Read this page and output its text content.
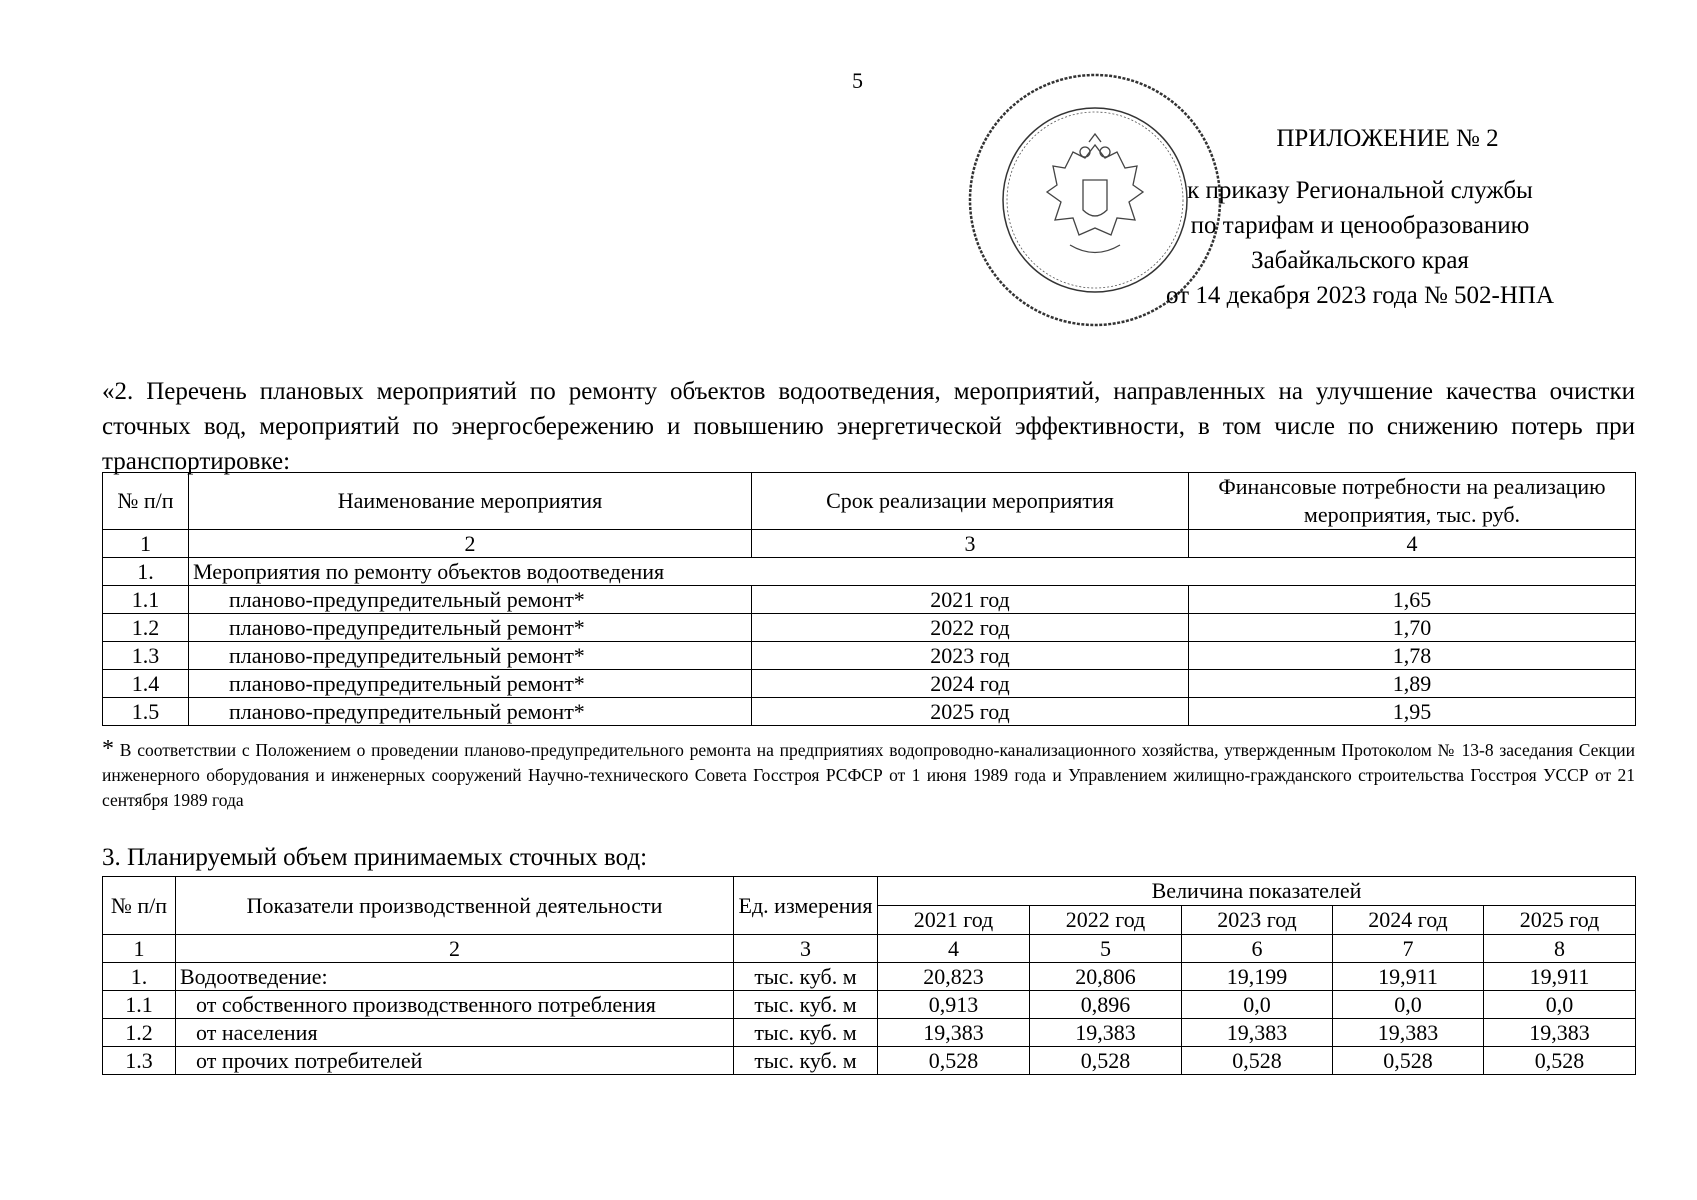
5
ПРИЛОЖЕНИЕ № 2
к приказу Региональной службы
по тарифам и ценообразованию
Забайкальского края
от 14 декабря 2023 года № 502-НПА
«2. Перечень плановых мероприятий по ремонту объектов водоотведения, мероприятий, направленных на улучшение качества очистки сточных вод, мероприятий по энергосбережению и повышению энергетической эффективности, в том числе по снижению потерь при транспортировке:
№ п/п	Наименование мероприятия	Срок реализации мероприятия	Финансовые потребности на реализацию мероприятия, тыс. руб.
1	2	3	4
1.	Мероприятия по ремонту объектов водоотведения		
1.1	планово-предупредительный ремонт*	2021 год	1,65
1.2	планово-предупредительный ремонт*	2022 год	1,70
1.3	планово-предупредительный ремонт*	2023 год	1,78
1.4	планово-предупредительный ремонт*	2024 год	1,89
1.5	планово-предупредительный ремонт*	2025 год	1,95
* В соответствии с Положением о проведении планово-предупредительного ремонта на предприятиях водопроводно-канализационного хозяйства, утвержденным Протоколом № 13-8 заседания Секции инженерного оборудования и инженерных сооружений Научно-технического Совета Госстроя РСФСР от 1 июня 1989 года и Управлением жилищно-гражданского строительства Госстроя УССР от 21 сентября 1989 года
3. Планируемый объем принимаемых сточных вод:
№ п/п	Показатели производственной деятельности	Ед. измерения	Величина показателей				
			2021 год	2022 год	2023 год	2024 год	2025 год
1	2	3	4	5	6	7	8
1.	Водоотведение:	тыс. куб. м	20,823	20,806	19,199	19,911	19,911
1.1	от собственного производственного потребления	тыс. куб. м	0,913	0,896	0,0	0,0	0,0
1.2	от населения	тыс. куб. м	19,383	19,383	19,383	19,383	19,383
1.3	от прочих потребителей	тыс. куб. м	0,528	0,528	0,528	0,528	0,528
